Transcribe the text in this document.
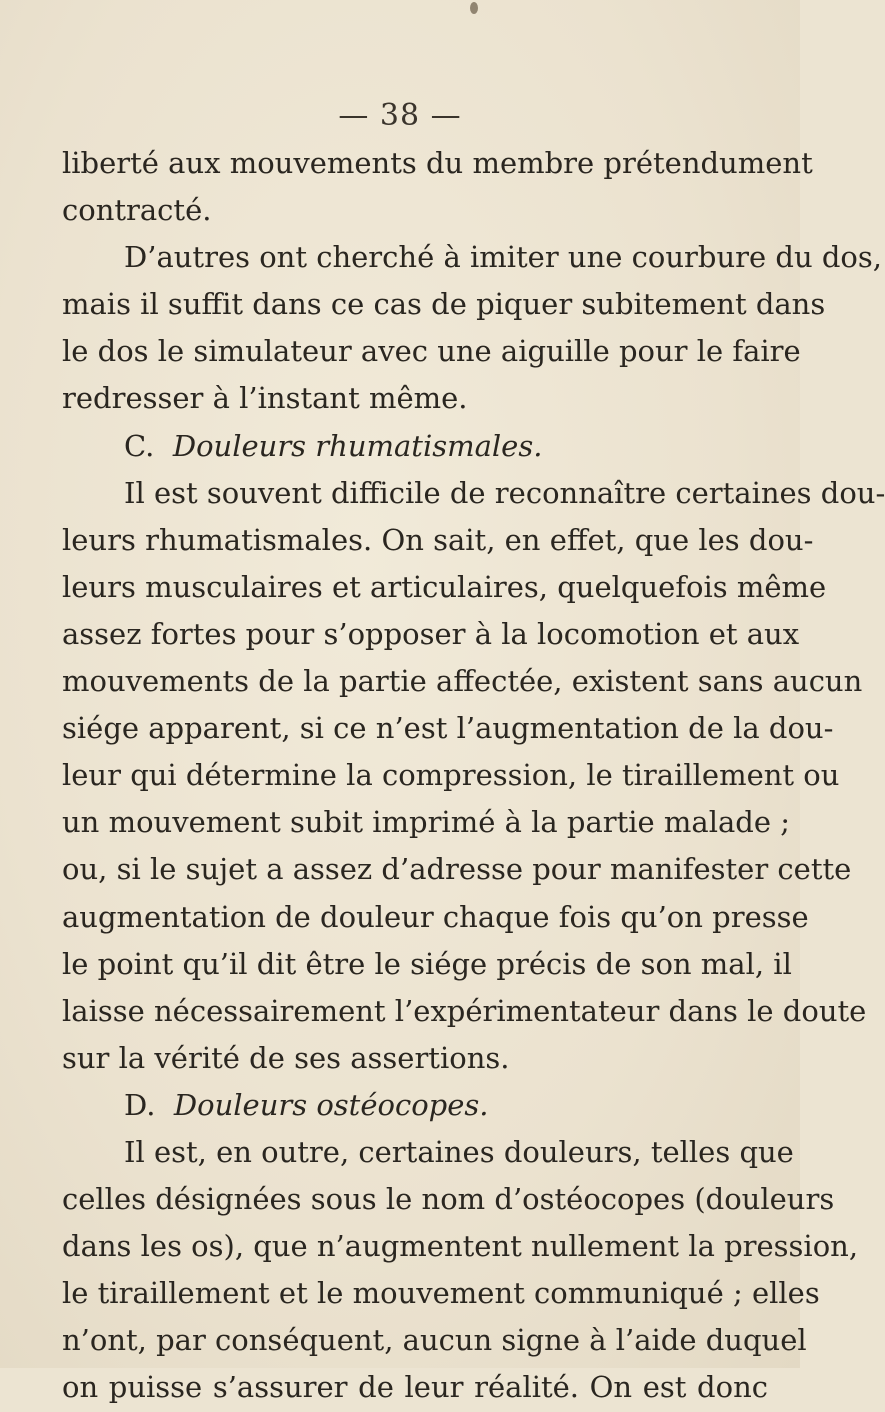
— 38 —
liberté aux mouvements du membre prétendument
contracté.
D’autres ont cherché à imiter une courbure du dos,
mais il suffit dans ce cas de piquer subitement dans
le dos le simulateur avec une aiguille pour le faire
redresser à l’instant même.
C. Douleurs rhumatismales.
Il est souvent difficile de reconnaître certaines dou-
leurs rhumatismales. On sait, en effet, que les dou-
leurs musculaires et articulaires, quelquefois même
assez fortes pour s’opposer à la locomotion et aux
mouvements de la partie affectée, existent sans aucun
siége apparent, si ce n’est l’augmentation de la dou-
leur qui détermine la compression, le tiraillement ou
un mouvement subit imprimé à la partie malade ;
ou, si le sujet a assez d’adresse pour manifester cette
augmentation de douleur chaque fois qu’on presse
le point qu’il dit être le siége précis de son mal, il
laisse nécessairement l’expérimentateur dans le doute
sur la vérité de ses assertions.
D. Douleurs ostéocopes.
Il est, en outre, certaines douleurs, telles que
celles désignées sous le nom d’ostéocopes (douleurs
dans les os), que n’augmentent nullement la pression,
le tiraillement et le mouvement communiqué ; elles
n’ont, par conséquent, aucun signe à l’aide duquel
on puisse s’assurer de leur réalité. On est donc
